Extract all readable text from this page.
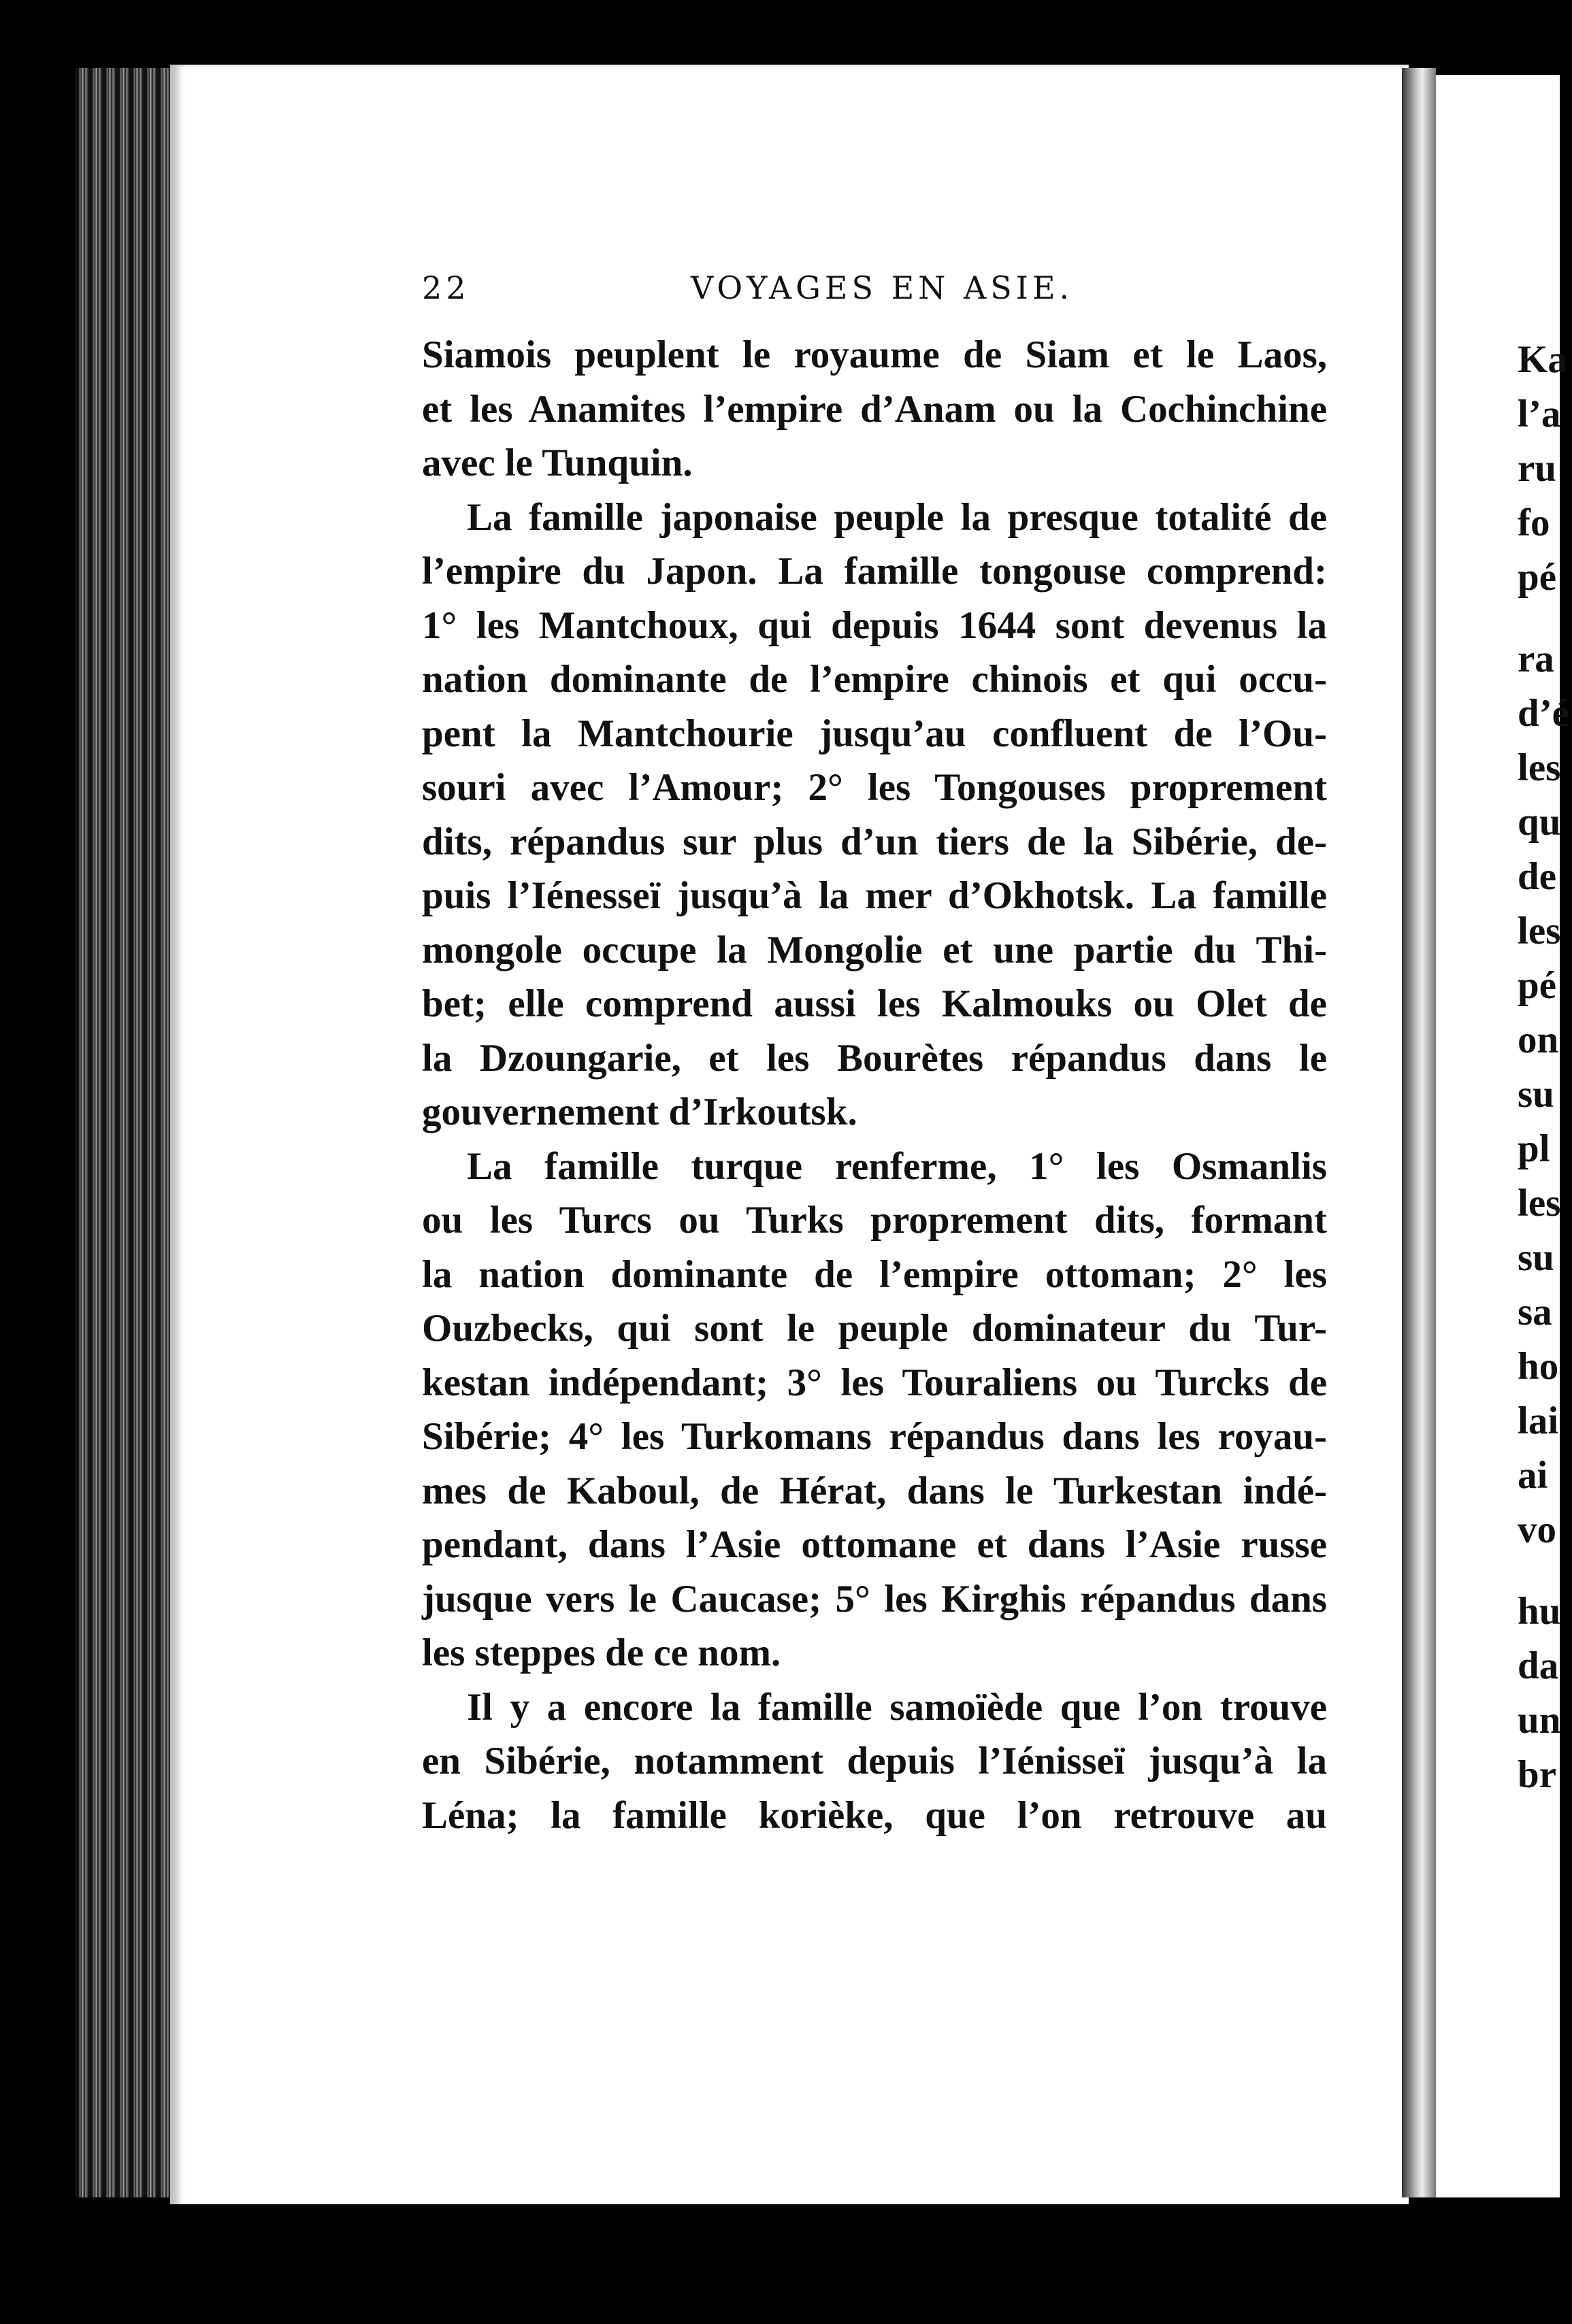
22	VOYAGES EN ASIE.
Siamois peuplent le royaume de Siam et le Laos,
et les Anamites l’empire d’Anam ou la Cochinchine
avec le Tunquin.
La famille japonaise peuple la presque totalité de
l’empire du Japon. La famille tongouse comprend:
1° les Mantchoux, qui depuis 1644 sont devenus la
nation dominante de l’empire chinois et qui occu-
pent la Mantchourie jusqu’au confluent de l’Ou-
souri avec l’Amour; 2° les Tongouses proprement
dits, répandus sur plus d’un tiers de la Sibérie, de-
puis l’Iénesseï jusqu’à la mer d’Okhotsk. La famille
mongole occupe la Mongolie et une partie du Thi-
bet; elle comprend aussi les Kalmouks ou Olet de
la Dzoungarie, et les Bourètes répandus dans le
gouvernement d’Irkoutsk.
La famille turque renferme, 1° les Osmanlis
ou les Turcs ou Turks proprement dits, formant
la nation dominante de l’empire ottoman; 2° les
Ouzbecks, qui sont le peuple dominateur du Tur-
kestan indépendant; 3° les Touraliens ou Turcks de
Sibérie; 4° les Turkomans répandus dans les royau-
mes de Kaboul, de Hérat, dans le Turkestan indé-
pendant, dans l’Asie ottomane et dans l’Asie russe
jusque vers le Caucase; 5° les Kirghis répandus dans
les steppes de ce nom.
Il y a encore la famille samoïède que l’on trouve
en Sibérie, notamment depuis l’Iénisseï jusqu’à la
Léna; la famille korièke, que l’on retrouve au
Ka
l’a
ru
fo
pé
ra
d’é
les
qu
de
les
pé
on
su
pl
les
su
sa
ho
lai
ai
vo
hu
da
un
br
